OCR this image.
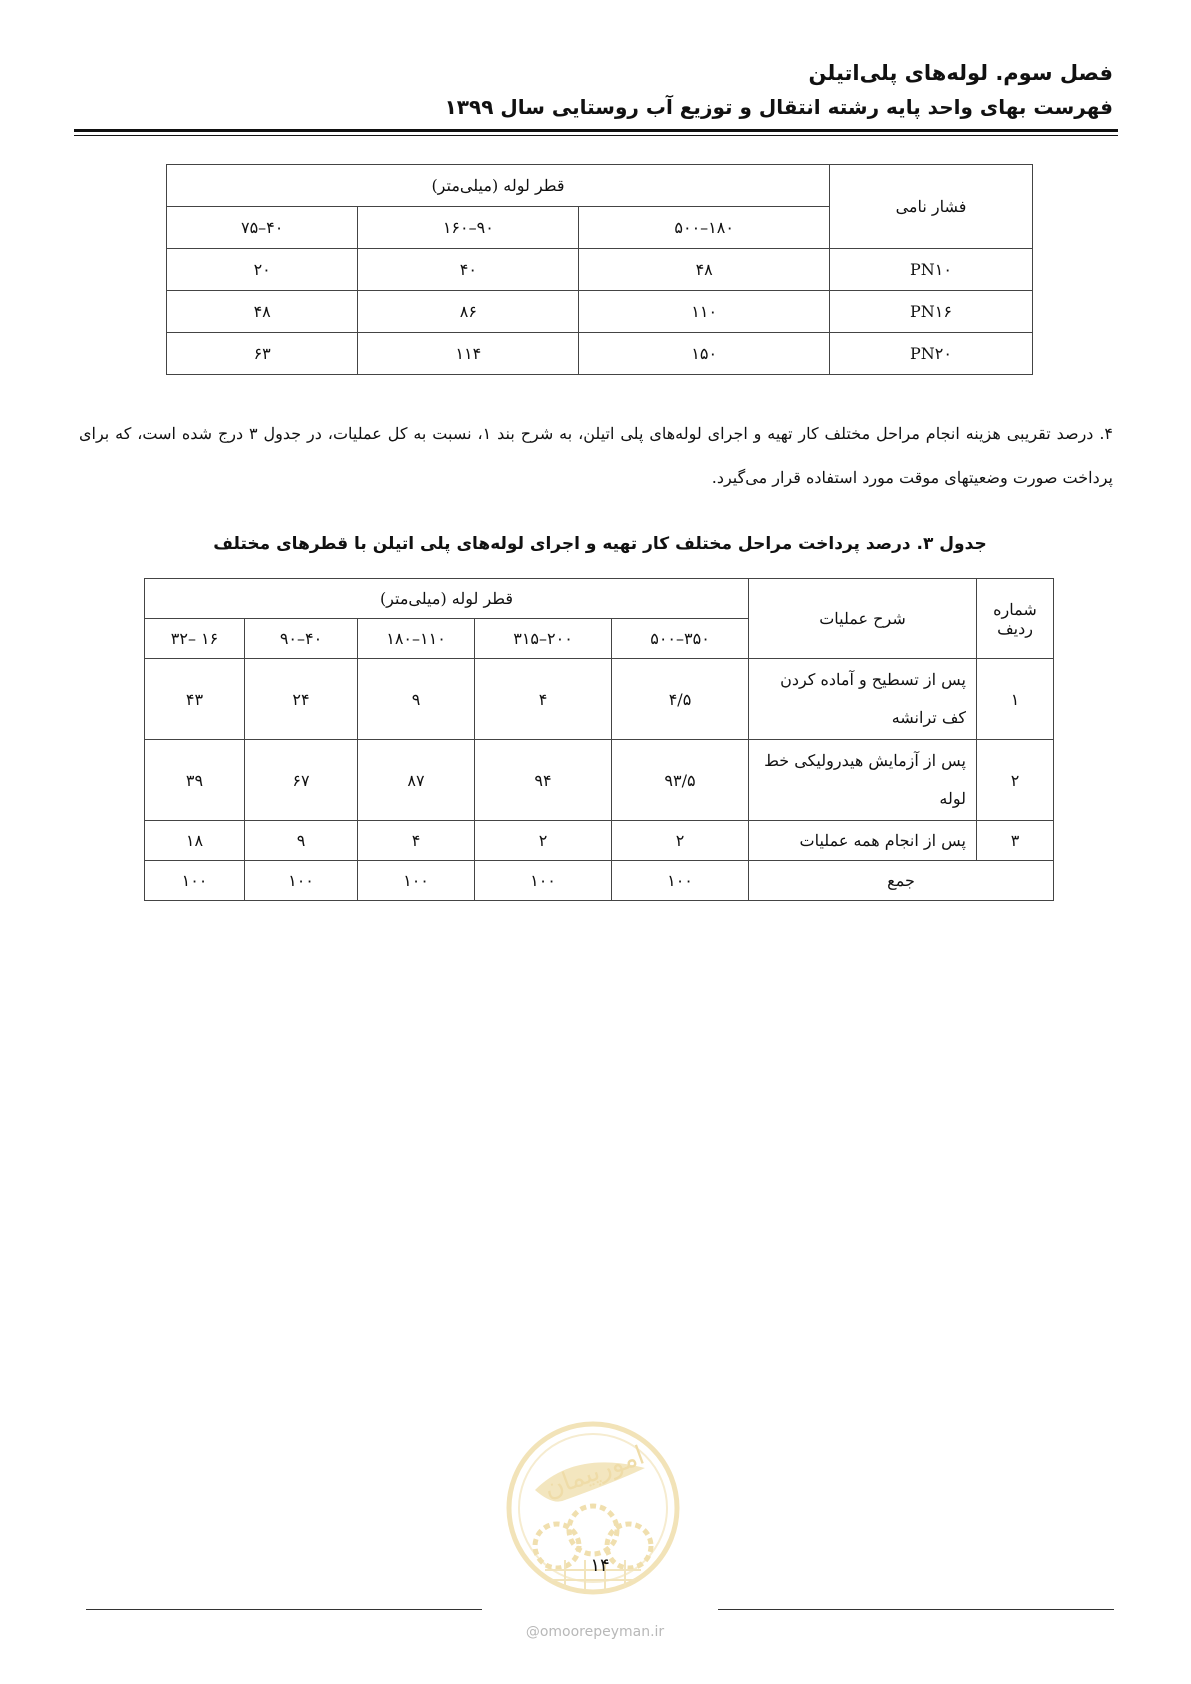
فصل سوم. لوله‌های پلی‌اتیلن
فهرست بهای واحد پایه رشته انتقال و توزیع آب روستایی سال ۱۳۹۹
فشار نامی	قطر لوله (میلی‌متر)		
	۱۸۰–۵۰۰	۹۰–۱۶۰	۴۰–۷۵
PN۱۰	۴۸	۴۰	۲۰
PN۱۶	۱۱۰	۸۶	۴۸
PN۲۰	۱۵۰	۱۱۴	۶۳
۴. درصد تقریبی هزینه انجام مراحل مختلف کار تهیه و اجرای لوله‌های پلی اتیلن، به شرح بند ۱، نسبت به کل عملیات، در جدول ۳ درج شده است، که برای پرداخت صورت وضعیتهای موقت مورد استفاده قرار می‌گیرد.
جدول ۳. درصد پرداخت مراحل مختلف کار تهیه و اجرای لوله‌های پلی اتیلن با قطرهای مختلف
شماره ردیف	شرح عملیات	قطر لوله (میلی‌متر)				
		۳۵۰–۵۰۰	۲۰۰–۳۱۵	۱۱۰–۱۸۰	۴۰–۹۰	۱۶ –۳۲
۱	پس از تسطیح و آماده کردن کف ترانشه	۴/۵	۴	۹	۲۴	۴۳
۲	پس از آزمایش هیدرولیکی خط لوله	۹۳/۵	۹۴	۸۷	۶۷	۳۹
۳	پس از انجام همه عملیات	۲	۲	۴	۹	۱۸
جمع		۱۰۰	۱۰۰	۱۰۰	۱۰۰	۱۰۰
امورپیمان
۱۴
@omoorepeyman.ir
